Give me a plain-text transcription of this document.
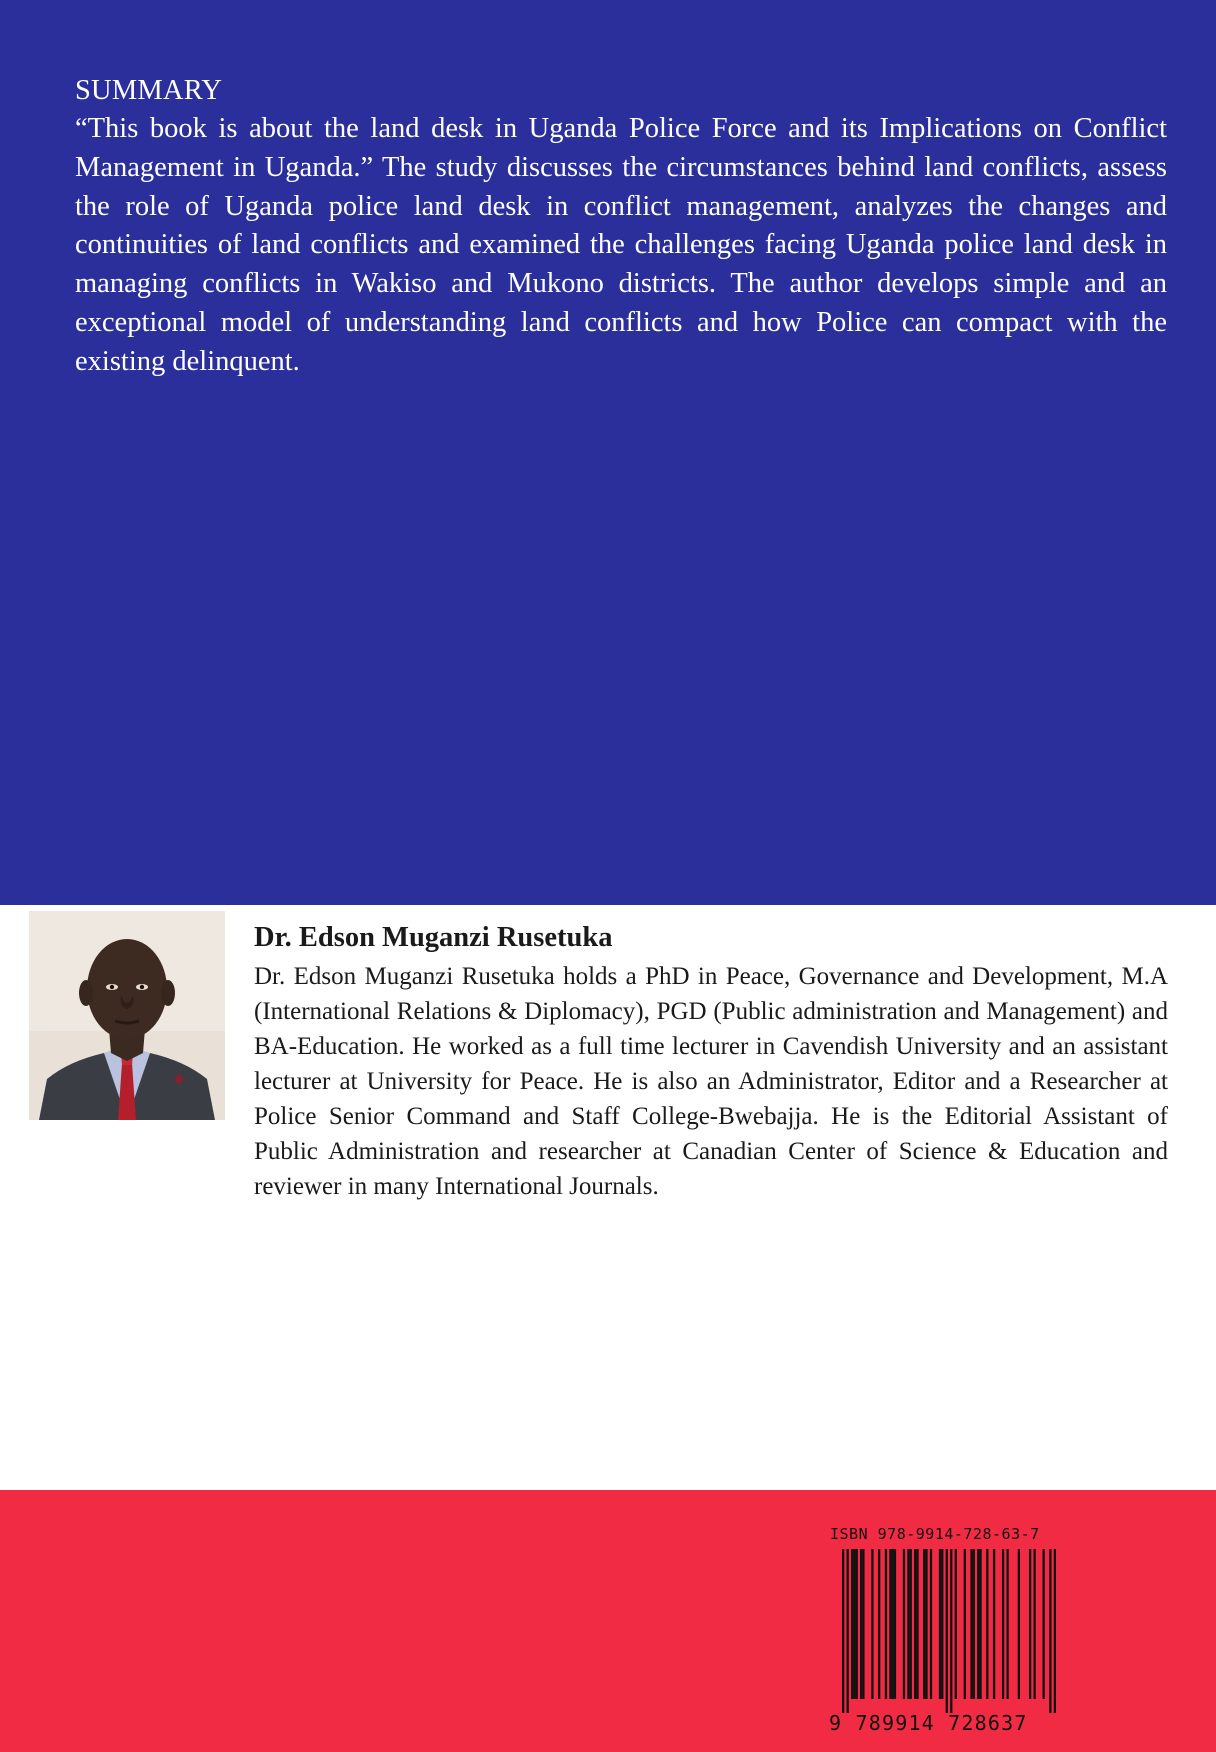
SUMMARY

“This book is about the land desk in Uganda Police Force and its Implications on Conflict Management in Uganda.” The study discusses the circumstances behind land conflicts, assess the role of Uganda police land desk in conflict management, analyzes the changes and continuities of land conflicts and examined the challenges facing Uganda police land desk in managing conflicts in Wakiso and Mukono districts. The author develops simple and an exceptional model of understanding land conflicts and how Police can compact with the existing delinquent.

Dr. Edson Muganzi Rusetuka

Dr. Edson Muganzi Rusetuka holds a PhD in Peace, Governance and Development, M.A (International Relations & Diplomacy), PGD (Public administration and Management) and BA-Education. He worked as a full time lecturer in Cavendish University and an assistant lecturer at University for Peace. He is also an Administrator, Editor and a Researcher at Police Senior Command and Staff College-Bwebajja. He is the Editorial Assistant of Public Administration and researcher at Canadian Center of Science & Education and reviewer in many International Journals.

ISBN 978-9914-728-63-7
9 789914 728637
